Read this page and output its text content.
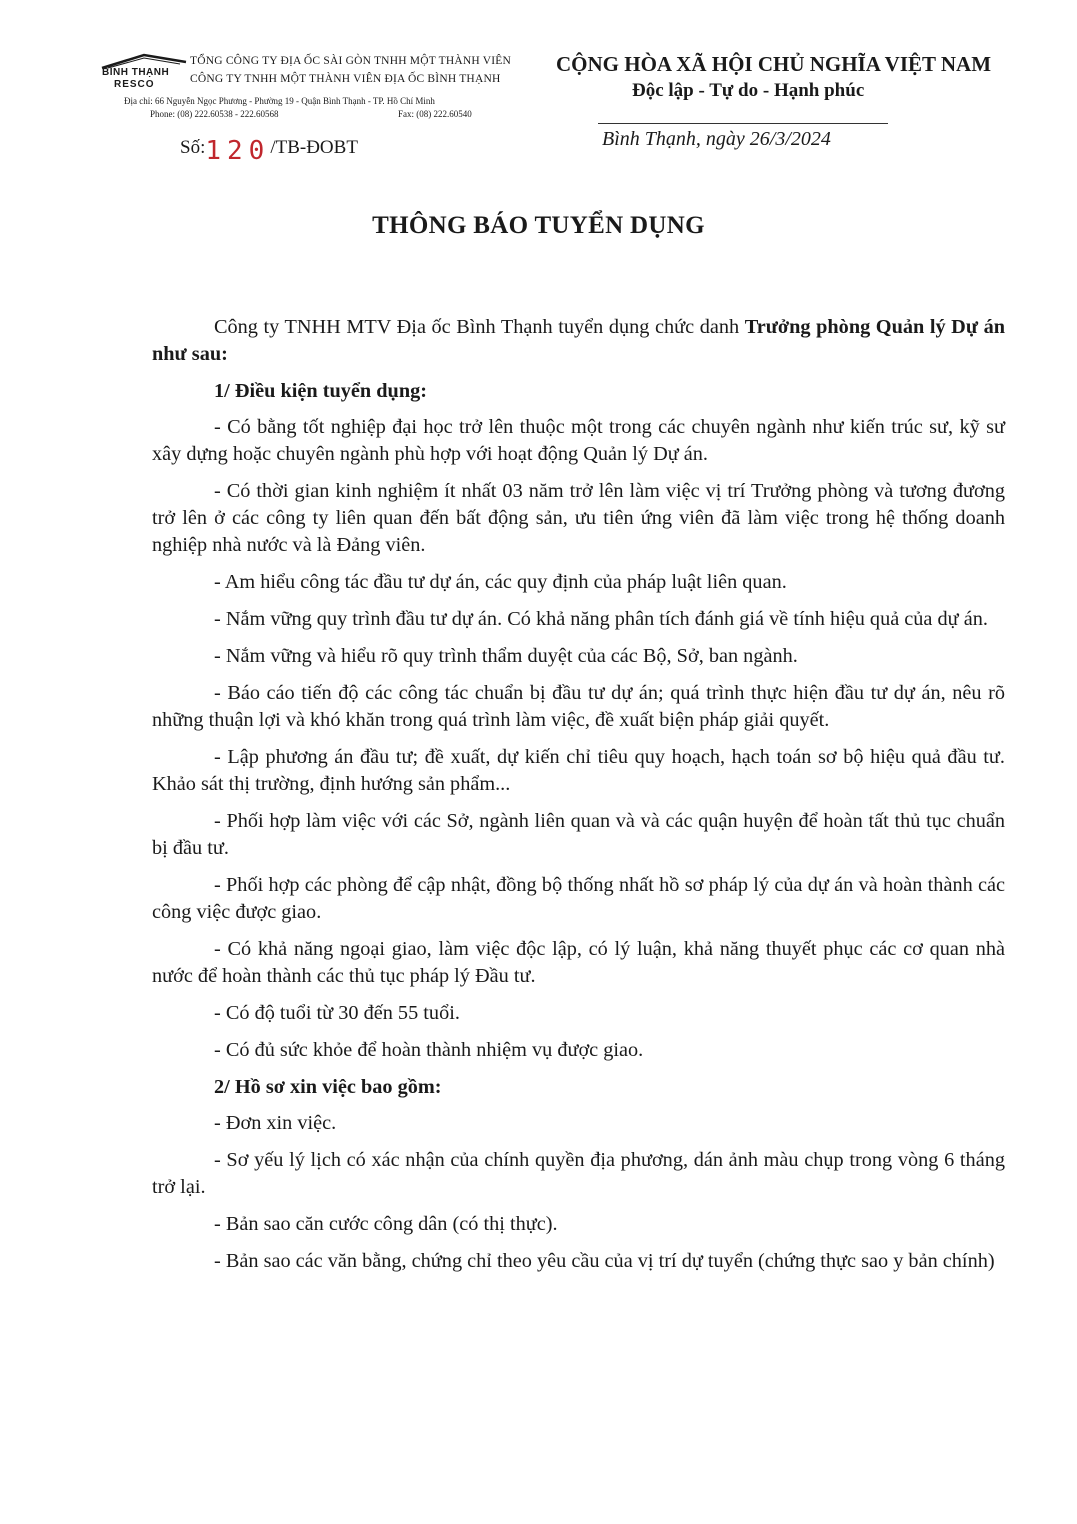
BÌNH THẠNH
RESCO
TỔNG CÔNG TY ĐỊA ỐC SÀI GÒN TNHH MỘT THÀNH VIÊN
CÔNG TY TNHH MỘT THÀNH VIÊN ĐỊA ỐC BÌNH THẠNH
Địa chỉ: 66 Nguyễn Ngọc Phương - Phường 19 - Quận Bình Thạnh - TP. Hồ Chí Minh
Phone: (08) 222.60538 - 222.60568	Fax: (08) 222.60540
Số:120/TB-ĐOBT
CỘNG HÒA XÃ HỘI CHỦ NGHĨA VIỆT NAM
Độc lập - Tự do - Hạnh phúc
Bình Thạnh, ngày 26/3/2024
THÔNG BÁO TUYỂN DỤNG

Công ty TNHH MTV Địa ốc Bình Thạnh tuyển dụng chức danh Trưởng phòng Quản lý Dự án như sau:

1/ Điều kiện tuyển dụng:

- Có bằng tốt nghiệp đại học trở lên thuộc một trong các chuyên ngành như kiến trúc sư, kỹ sư xây dựng hoặc chuyên ngành phù hợp với hoạt động Quản lý Dự án.

- Có thời gian kinh nghiệm ít nhất 03 năm trở lên làm việc vị trí Trưởng phòng và tương đương trở lên ở các công ty liên quan đến bất động sản, ưu tiên ứng viên đã làm việc trong hệ thống doanh nghiệp nhà nước và là Đảng viên.

- Am hiểu công tác đầu tư dự án, các quy định của pháp luật liên quan.

- Nắm vững quy trình đầu tư dự án. Có khả năng phân tích đánh giá về tính hiệu quả của dự án.

- Nắm vững và hiểu rõ quy trình thẩm duyệt của các Bộ, Sở, ban ngành.

- Báo cáo tiến độ các công tác chuẩn bị đầu tư dự án; quá trình thực hiện đầu tư dự án, nêu rõ những thuận lợi và khó khăn trong quá trình làm việc, đề xuất biện pháp giải quyết.

- Lập phương án đầu tư; đề xuất, dự kiến chỉ tiêu quy hoạch, hạch toán sơ bộ hiệu quả đầu tư. Khảo sát thị trường, định hướng sản phẩm...

- Phối hợp làm việc với các Sở, ngành liên quan và và các quận huyện để hoàn tất thủ tục chuẩn bị đầu tư.

- Phối hợp các phòng để cập nhật, đồng bộ thống nhất hồ sơ pháp lý của dự án và hoàn thành các công việc được giao.

- Có khả năng ngoại giao, làm việc độc lập, có lý luận, khả năng thuyết phục các cơ quan nhà nước để hoàn thành các thủ tục pháp lý Đầu tư.

- Có độ tuổi từ 30 đến 55 tuổi.

- Có đủ sức khỏe để hoàn thành nhiệm vụ được giao.

2/ Hồ sơ xin việc bao gồm:

- Đơn xin việc.

- Sơ yếu lý lịch có xác nhận của chính quyền địa phương, dán ảnh màu chụp trong vòng 6 tháng trở lại.

- Bản sao căn cước công dân (có thị thực).

- Bản sao các văn bằng, chứng chỉ theo yêu cầu của vị trí dự tuyển (chứng thực sao y bản chính)
